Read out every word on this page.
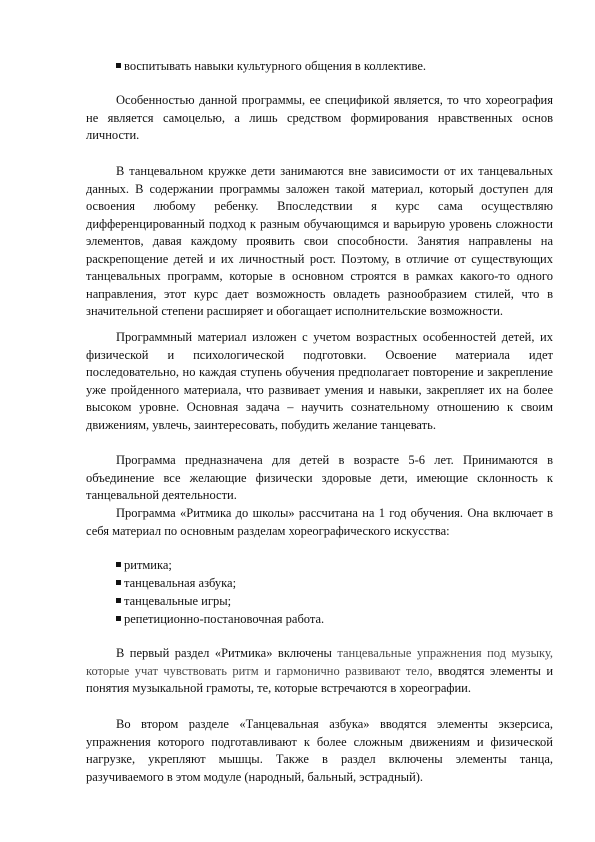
воспитывать навыки культурного общения в коллективе.

Особенностью данной программы, ее спецификой является, то что хореография не является самоцелью, а лишь средством формирования нравственных основ личности.

В танцевальном кружке дети занимаются вне зависимости от их танцевальных данных. В содержании программы заложен такой материал, который доступен для освоения любому ребенку. Впоследствии я курс сама осуществляю дифференцированный подход к разным обучающимся и варьирую уровень сложности элементов, давая каждому проявить свои способности. Занятия направлены на раскрепощение детей и их личностный рост. Поэтому, в отличие от существующих танцевальных программ, которые в основном строятся в рамках какого-то одного направления, этот курс дает возможность овладеть разнообразием стилей, что в значительной степени расширяет и обогащает исполнительские возможности.

Программный материал изложен с учетом возрастных особенностей детей, их физической и психологической подготовки. Освоение материала идет последовательно, но каждая ступень обучения предполагает повторение и закрепление уже пройденного материала, что развивает умения и навыки, закрепляет их на более высоком уровне. Основная задача – научить сознательному отношению к своим движениям, увлечь, заинтересовать, побудить желание танцевать.

Программа предназначена для детей в возрасте 5-6 лет. Принимаются в объединение все желающие физически здоровые дети, имеющие склонность к танцевальной деятельности.

Программа «Ритмика до школы» рассчитана на 1 год обучения. Она включает в себя материал по основным разделам хореографического искусства:

ритмика;
танцевальная азбука;
танцевальные игры;
репетиционно-постановочная работа.

В первый раздел «Ритмика» включены танцевальные упражнения под музыку, которые учат чувствовать ритм и гармонично развивают тело, вводятся элементы и понятия музыкальной грамоты, те, которые встречаются в хореографии.

Во втором разделе «Танцевальная азбука» вводятся элементы экзерсиса, упражнения которого подготавливают к более сложным движениям и физической нагрузке, укрепляют мышцы. Также в раздел включены элементы танца, разучиваемого в этом модуле (народный, бальный, эстрадный).
